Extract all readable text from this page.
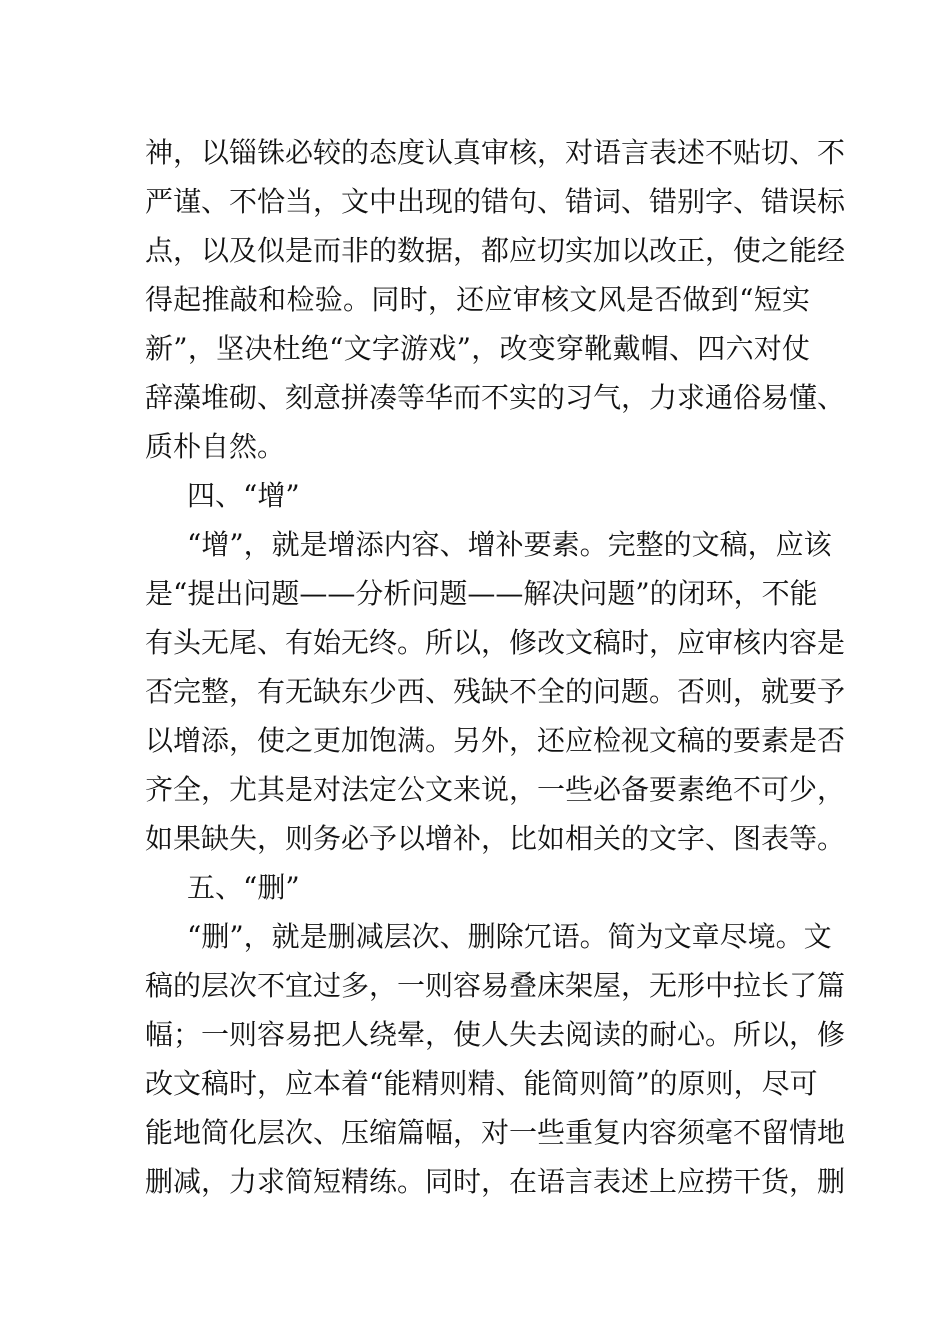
神，以锱铢必较的态度认真审核，对语言表述不贴切、不
严谨、不恰当，文中出现的错句、错词、错别字、错误标
点，以及似是而非的数据，都应切实加以改正，使之能经
得起推敲和检验。同时，还应审核文风是否做到“短实
新”，坚决杜绝“文字游戏”，改变穿靴戴帽、四六对仗
辞藻堆砌、刻意拼凑等华而不实的习气，力求通俗易懂、
质朴自然。
四、“增”
“增”，就是增添内容、增补要素。完整的文稿，应该
是“提出问题——分析问题——解决问题”的闭环，不能
有头无尾、有始无终。所以，修改文稿时，应审核内容是
否完整，有无缺东少西、残缺不全的问题。否则，就要予
以增添，使之更加饱满。另外，还应检视文稿的要素是否
齐全，尤其是对法定公文来说，一些必备要素绝不可少，
如果缺失，则务必予以增补，比如相关的文字、图表等。
五、“删”
“删”，就是删减层次、删除冗语。简为文章尽境。文
稿的层次不宜过多，一则容易叠床架屋，无形中拉长了篇
幅；一则容易把人绕晕，使人失去阅读的耐心。所以，修
改文稿时，应本着“能精则精、能简则简”的原则，尽可
能地简化层次、压缩篇幅，对一些重复内容须毫不留情地
删减，力求简短精练。同时，在语言表述上应捞干货，删
